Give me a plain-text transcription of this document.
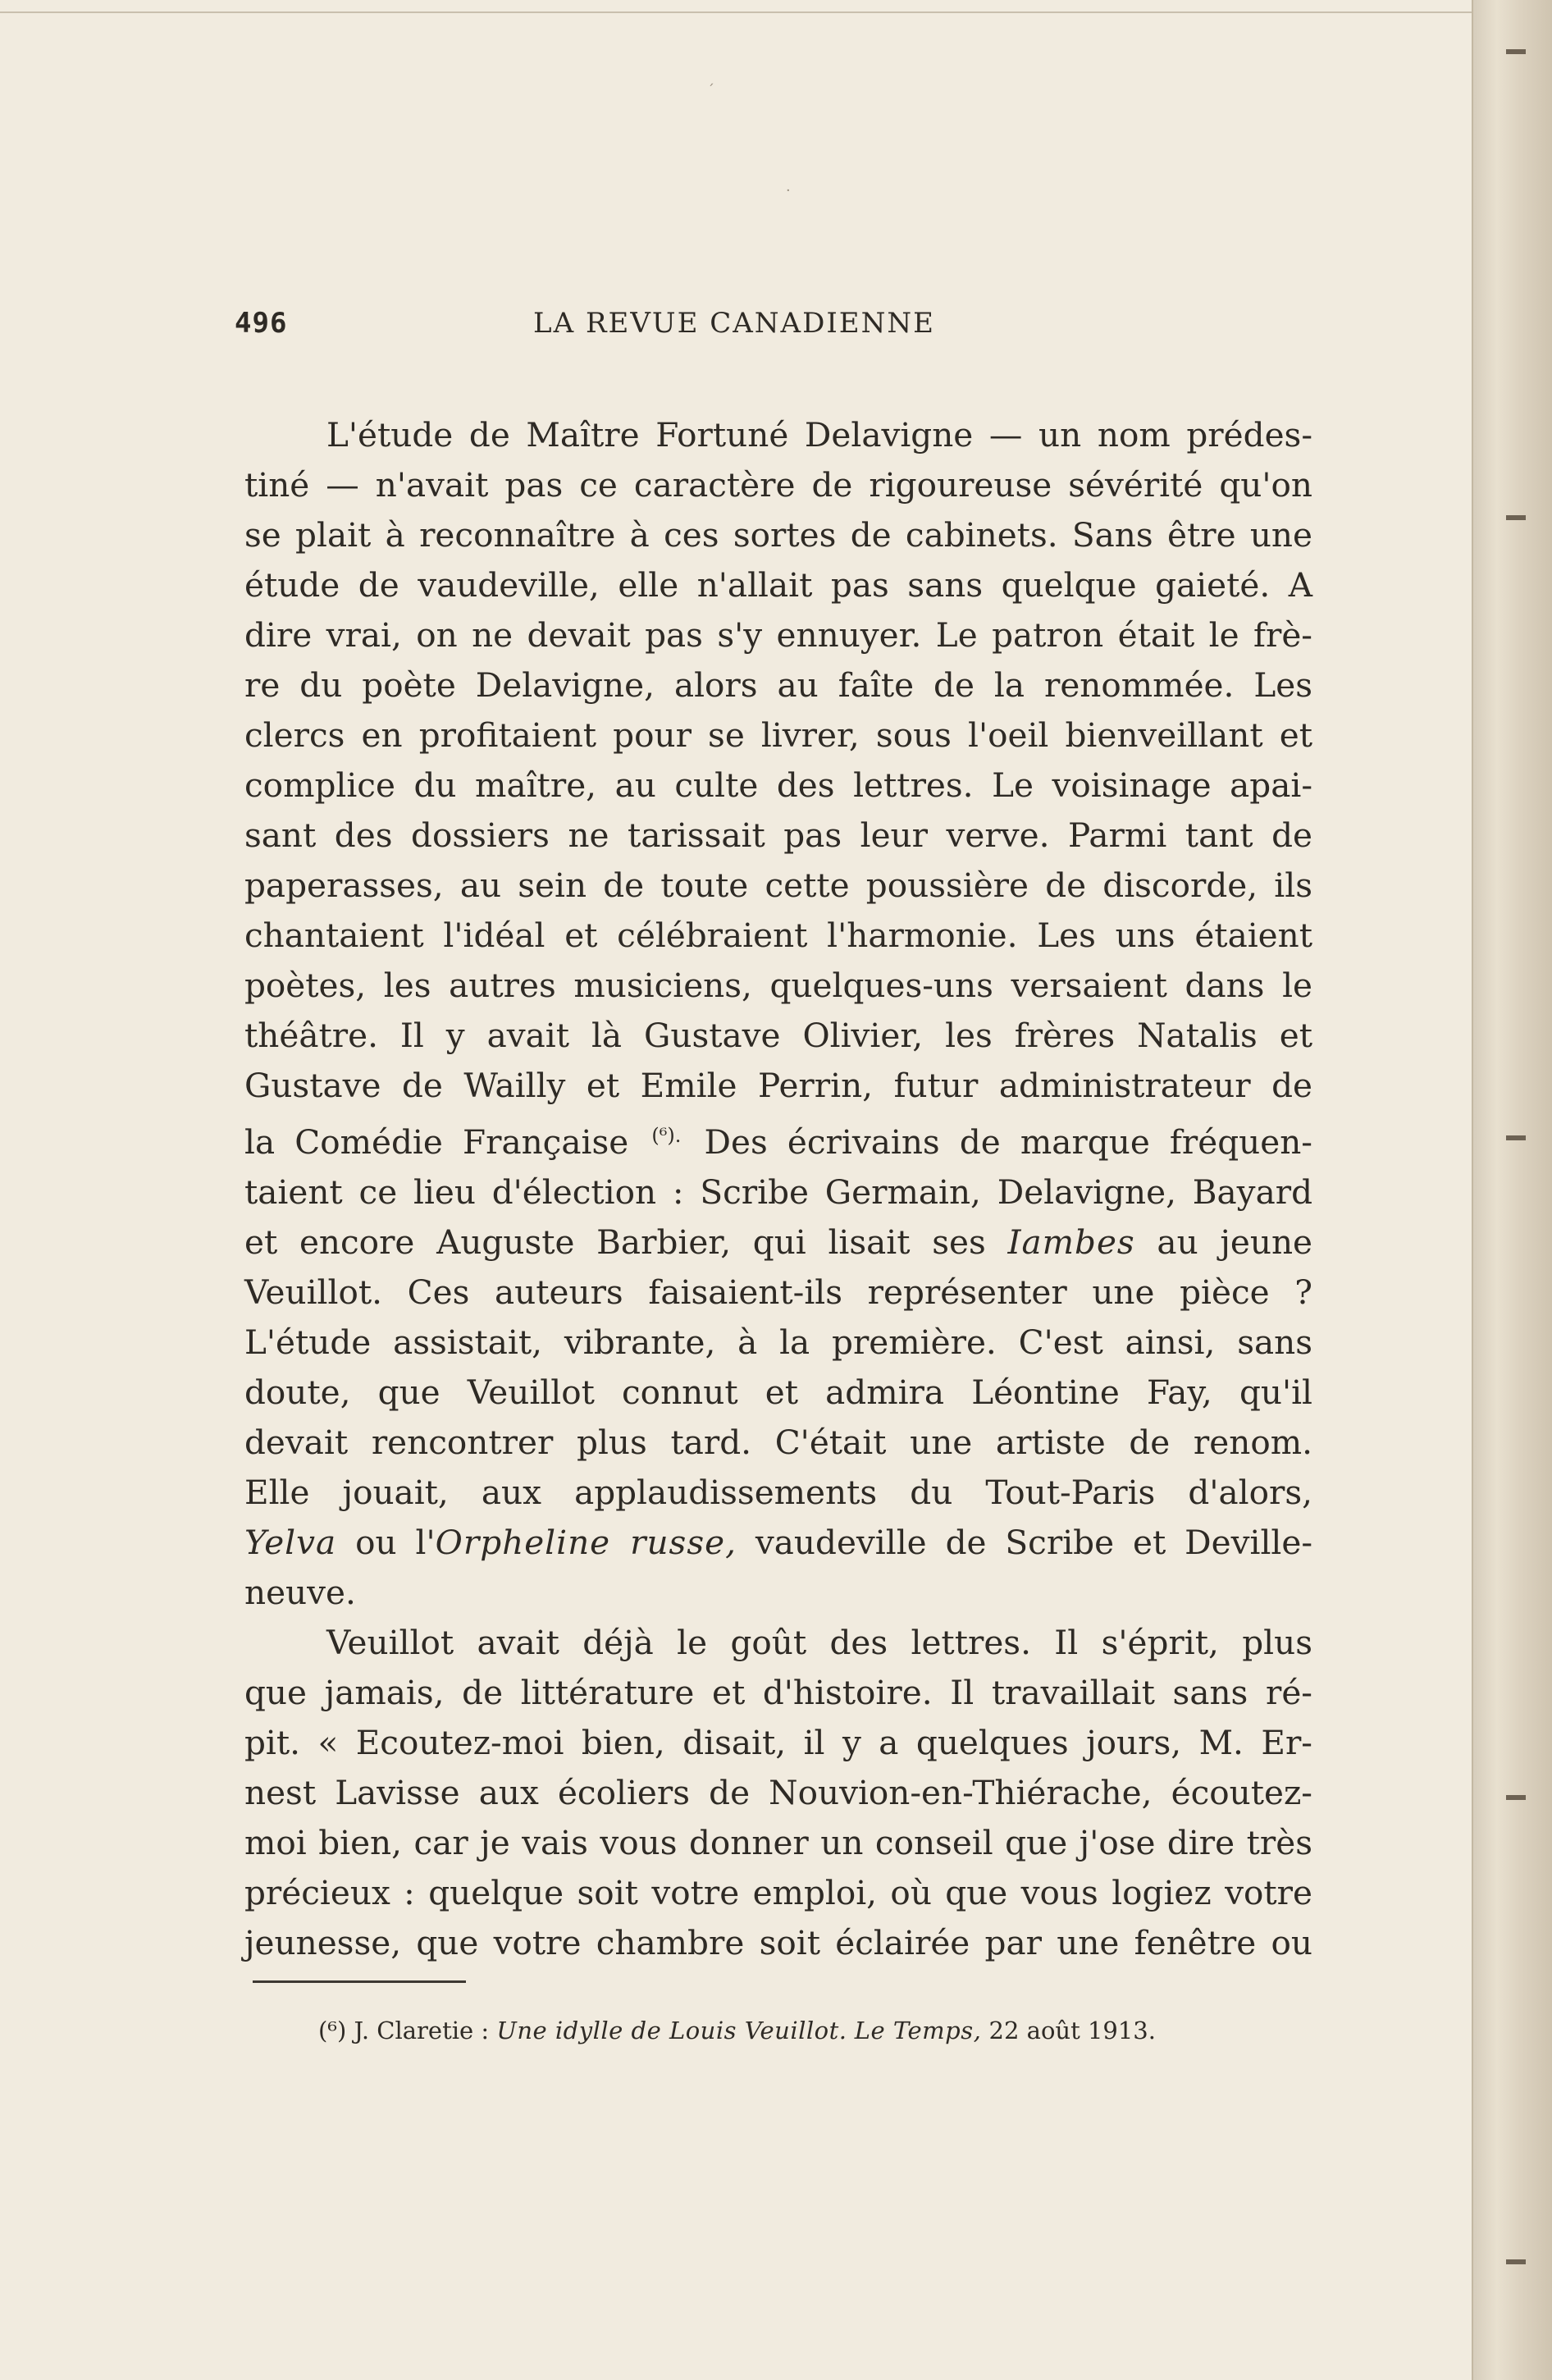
ˊ
·
496	LA REVUE CANADIENNE

L'étude de Maître Fortuné Delavigne — un nom prédes-

tiné — n'avait pas ce caractère de rigoureuse sévérité qu'on

se plait à reconnaître à ces sortes de cabinets. Sans être une

étude de vaudeville, elle n'allait pas sans quelque gaieté. A

dire vrai, on ne devait pas s'y ennuyer. Le patron était le frè-

re du poète Delavigne, alors au faîte de la renommée. Les

clercs en profitaient pour se livrer, sous l'oeil bienveillant et

complice du maître, au culte des lettres. Le voisinage apai-

sant des dossiers ne tarissait pas leur verve. Parmi tant de

paperasses, au sein de toute cette poussière de discorde, ils

chantaient l'idéal et célébraient l'harmonie. Les uns étaient

poètes, les autres musiciens, quelques-uns versaient dans le

théâtre. Il y avait là Gustave Olivier, les frères Natalis et

Gustave de Wailly et Emile Perrin, futur administrateur de

la Comédie Française $^{(^6).}$ Des écrivains de marque fréquen-

taient ce lieu d'élection : Scribe Germain, Delavigne, Bayard

et encore Auguste Barbier, qui lisait ses Iambes au jeune

Veuillot. Ces auteurs faisaient-ils représenter une pièce ?

L'étude assistait, vibrante, à la première. C'est ainsi, sans

doute, que Veuillot connut et admira Léontine Fay, qu'il

devait rencontrer plus tard. C'était une artiste de renom.

Elle jouait, aux applaudissements du Tout-Paris d'alors,

Yelva ou l'Orpheline russe, vaudeville de Scribe et Deville-

neuve.

Veuillot avait déjà le goût des lettres. Il s'éprit, plus

que jamais, de littérature et d'histoire. Il travaillait sans ré-

pit. « Ecoutez-moi bien, disait, il y a quelques jours, M. Er-

nest Lavisse aux écoliers de Nouvion-en-Thiérache, écoutez-

moi bien, car je vais vous donner un conseil que j'ose dire très

précieux : quelque soit votre emploi, où que vous logiez votre

jeunesse, que votre chambre soit éclairée par une fenêtre ou

(⁶) J. Claretie : Une idylle de Louis Veuillot. Le Temps, 22 août 1913.
